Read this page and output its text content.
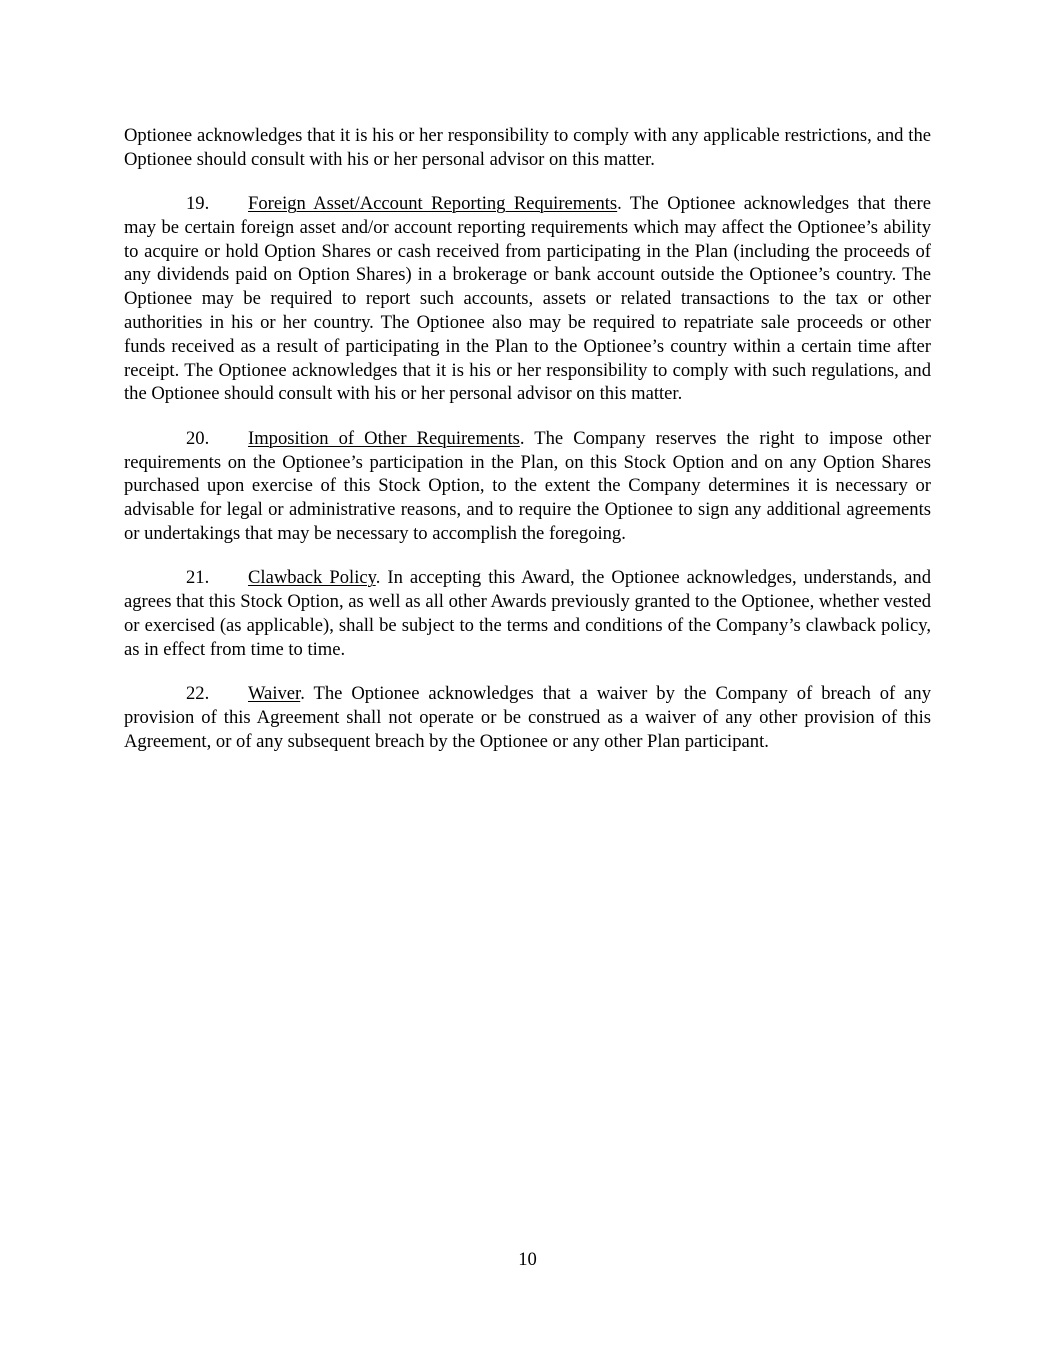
Optionee acknowledges that it is his or her responsibility to comply with any applicable restrictions, and the Optionee should consult with his or her personal advisor on this matter.

19. Foreign Asset/Account Reporting Requirements. The Optionee acknowledges that there may be certain foreign asset and/or account reporting requirements which may affect the Optionee’s ability to acquire or hold Option Shares or cash received from participating in the Plan (including the proceeds of any dividends paid on Option Shares) in a brokerage or bank account outside the Optionee’s country. The Optionee may be required to report such accounts, assets or related transactions to the tax or other authorities in his or her country. The Optionee also may be required to repatriate sale proceeds or other funds received as a result of participating in the Plan to the Optionee’s country within a certain time after receipt. The Optionee acknowledges that it is his or her responsibility to comply with such regulations, and the Optionee should consult with his or her personal advisor on this matter.

20. Imposition of Other Requirements. The Company reserves the right to impose other requirements on the Optionee’s participation in the Plan, on this Stock Option and on any Option Shares purchased upon exercise of this Stock Option, to the extent the Company determines it is necessary or advisable for legal or administrative reasons, and to require the Optionee to sign any additional agreements or undertakings that may be necessary to accomplish the foregoing.

21. Clawback Policy. In accepting this Award, the Optionee acknowledges, understands, and agrees that this Stock Option, as well as all other Awards previously granted to the Optionee, whether vested or exercised (as applicable), shall be subject to the terms and conditions of the Company’s clawback policy, as in effect from time to time.

22. Waiver. The Optionee acknowledges that a waiver by the Company of breach of any provision of this Agreement shall not operate or be construed as a waiver of any other provision of this Agreement, or of any subsequent breach by the Optionee or any other Plan participant.

10
